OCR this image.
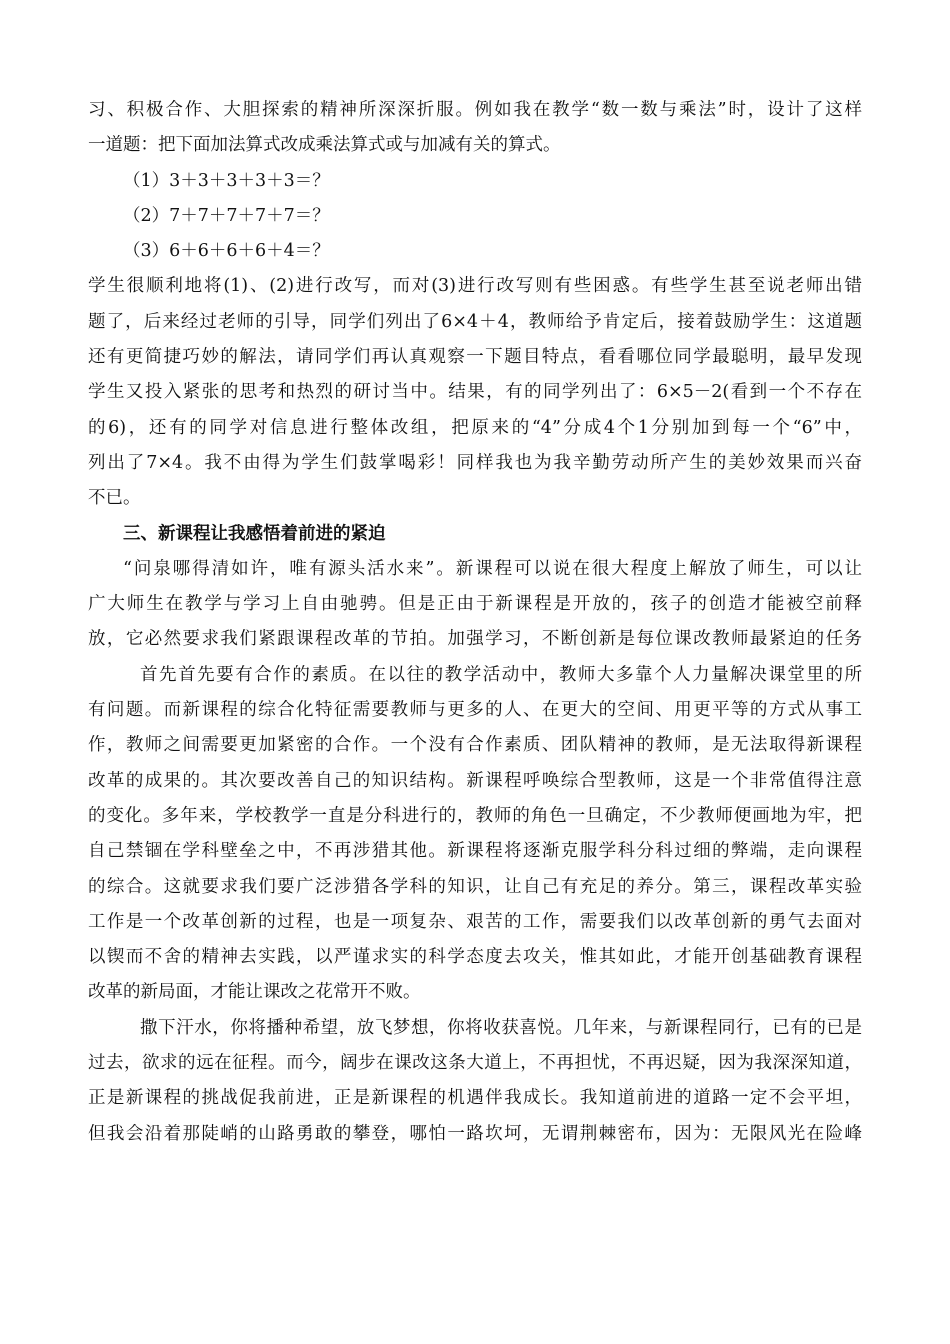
习、积极合作、大胆探索的精神所深深折服。例如我在教学“数一数与乘法”时，设计了这样
一道题：把下面加法算式改成乘法算式或与加减有关的算式。
（1）3＋3＋3＋3＋3＝？
（2）7＋7＋7＋7＋7＝？
（3）6＋6＋6＋6＋4＝？
学生很顺利地将(1)、(2)进行改写，而对(3)进行改写则有些困惑。有些学生甚至说老师出错
题了，后来经过老师的引导，同学们列出了6×4＋4，教师给予肯定后，接着鼓励学生：这道题
还有更简捷巧妙的解法，请同学们再认真观察一下题目特点，看看哪位同学最聪明，最早发现
学生又投入紧张的思考和热烈的研讨当中。结果，有的同学列出了：6×5－2(看到一个不存在
的6)，还有的同学对信息进行整体改组，把原来的“4”分成4个1分别加到每一个“6”中，
列出了7×4。我不由得为学生们鼓掌喝彩！同样我也为我辛勤劳动所产生的美妙效果而兴奋
不已。
三、新课程让我感悟着前进的紧迫
“问泉哪得清如许，唯有源头活水来”。新课程可以说在很大程度上解放了师生，可以让
广大师生在教学与学习上自由驰骋。但是正由于新课程是开放的，孩子的创造才能被空前释
放，它必然要求我们紧跟课程改革的节拍。加强学习，不断创新是每位课改教师最紧迫的任务
首先首先要有合作的素质。在以往的教学活动中，教师大多靠个人力量解决课堂里的所
有问题。而新课程的综合化特征需要教师与更多的人、在更大的空间、用更平等的方式从事工
作，教师之间需要更加紧密的合作。一个没有合作素质、团队精神的教师，是无法取得新课程
改革的成果的。其次要改善自己的知识结构。新课程呼唤综合型教师，这是一个非常值得注意
的变化。多年来，学校教学一直是分科进行的，教师的角色一旦确定，不少教师便画地为牢，把
自己禁锢在学科壁垒之中，不再涉猎其他。新课程将逐渐克服学科分科过细的弊端，走向课程
的综合。这就要求我们要广泛涉猎各学科的知识，让自己有充足的养分。第三，课程改革实验
工作是一个改革创新的过程，也是一项复杂、艰苦的工作，需要我们以改革创新的勇气去面对
以锲而不舍的精神去实践，以严谨求实的科学态度去攻关，惟其如此，才能开创基础教育课程
改革的新局面，才能让课改之花常开不败。
撒下汗水，你将播种希望，放飞梦想，你将收获喜悦。几年来，与新课程同行，已有的已是
过去，欲求的远在征程。而今，阔步在课改这条大道上，不再担忧，不再迟疑，因为我深深知道，
正是新课程的挑战促我前进，正是新课程的机遇伴我成长。我知道前进的道路一定不会平坦，
但我会沿着那陡峭的山路勇敢的攀登，哪怕一路坎坷，无谓荆棘密布，因为：无限风光在险峰
